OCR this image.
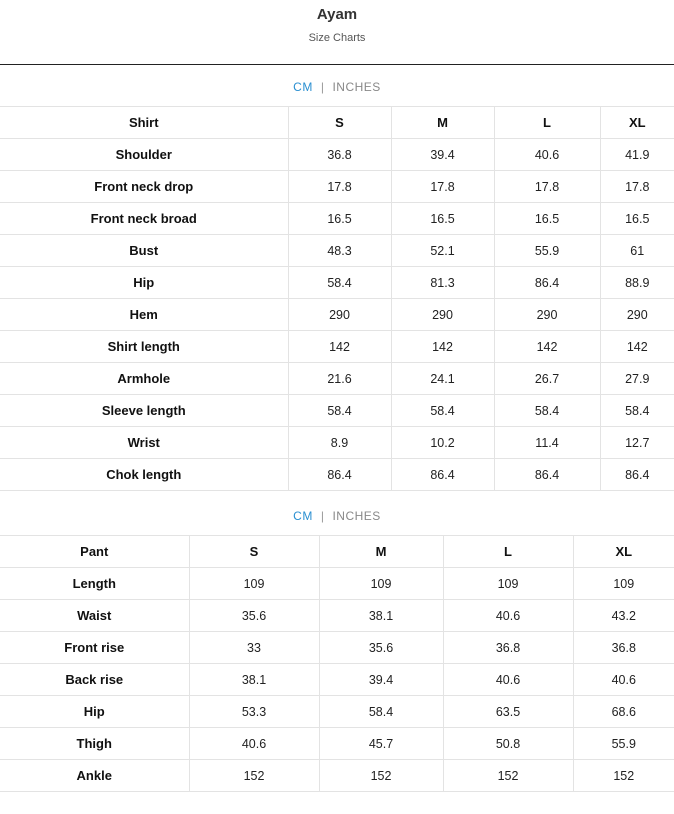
Ayam
Size Charts
CM | INCHES
Shirt	S	M	L	XL
Shoulder	36.8	39.4	40.6	41.9
Front neck drop	17.8	17.8	17.8	17.8
Front neck broad	16.5	16.5	16.5	16.5
Bust	48.3	52.1	55.9	61
Hip	58.4	81.3	86.4	88.9
Hem	290	290	290	290
Shirt length	142	142	142	142
Armhole	21.6	24.1	26.7	27.9
Sleeve length	58.4	58.4	58.4	58.4
Wrist	8.9	10.2	11.4	12.7
Chok length	86.4	86.4	86.4	86.4
CM | INCHES
Pant	S	M	L	XL
Length	109	109	109	109
Waist	35.6	38.1	40.6	43.2
Front rise	33	35.6	36.8	36.8
Back rise	38.1	39.4	40.6	40.6
Hip	53.3	58.4	63.5	68.6
Thigh	40.6	45.7	50.8	55.9
Ankle	152	152	152	152
